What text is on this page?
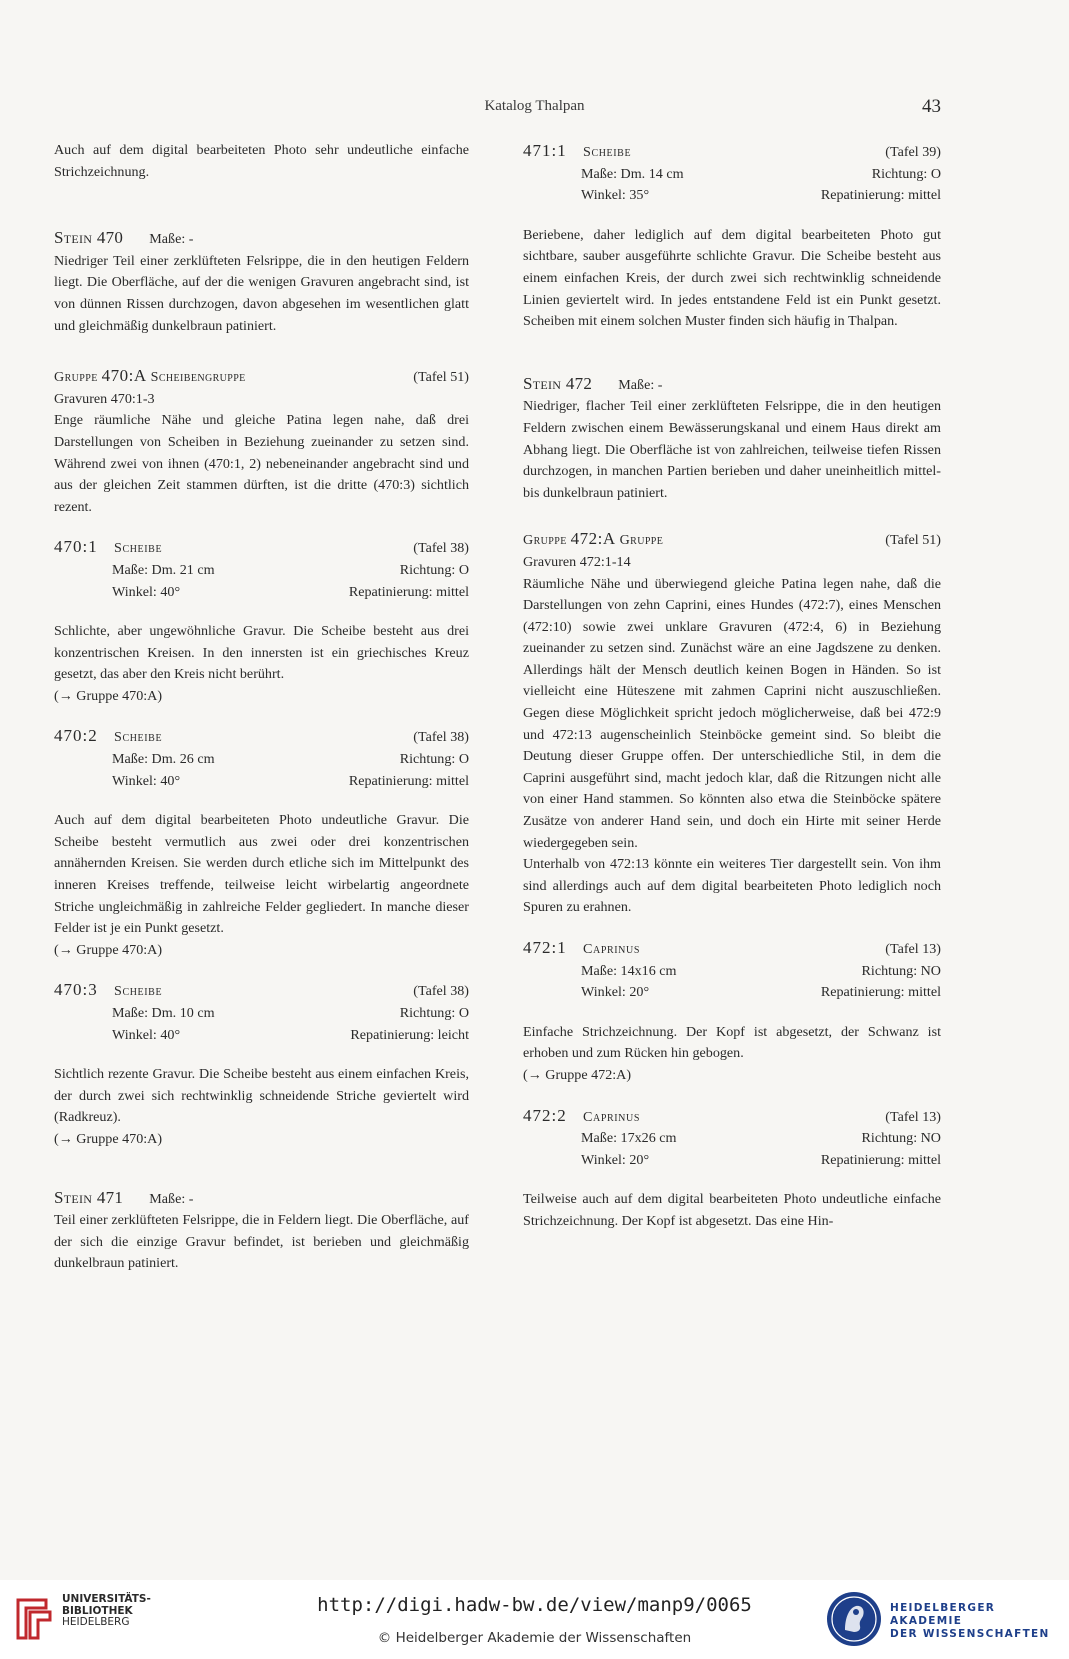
Katalog Thalpan	43

Auch auf dem digital bearbeiteten Photo sehr undeutliche einfache Strichzeichnung.

Stein 470 Maße: -

Niedriger Teil einer zerklüfteten Felsrippe, die in den heutigen Feldern liegt. Die Oberfläche, auf der die wenigen Gravuren angebracht sind, ist von dünnen Rissen durchzogen, davon abgesehen im wesentlichen glatt und gleichmäßig dunkelbraun patiniert.

Gruppe 470:A Scheibengruppe	(Tafel 51)

Gravuren 470:1-3

Enge räumliche Nähe und gleiche Patina legen nahe, daß drei Darstellungen von Scheiben in Beziehung zueinander zu setzen sind. Während zwei von ihnen (470:1, 2) nebeneinander angebracht sind und aus der gleichen Zeit stammen dürften, ist die dritte (470:3) sichtlich rezent.

470:1	Scheibe	(Tafel 38)
Maße: Dm. 21 cm	Richtung: O
Winkel: 40°	Repatinierung: mittel

Schlichte, aber ungewöhnliche Gravur. Die Scheibe besteht aus drei konzentrischen Kreisen. In den innersten ist ein griechisches Kreuz gesetzt, das aber den Kreis nicht berührt.

(→ Gruppe 470:A)

470:2	Scheibe	(Tafel 38)
Maße: Dm. 26 cm	Richtung: O
Winkel: 40°	Repatinierung: mittel

Auch auf dem digital bearbeiteten Photo undeutliche Gravur. Die Scheibe besteht vermutlich aus zwei oder drei konzentrischen annähernden Kreisen. Sie werden durch etliche sich im Mittelpunkt des inneren Kreises treffende, teilweise leicht wirbelartig angeordnete Striche ungleichmäßig in zahlreiche Felder gegliedert. In manche dieser Felder ist je ein Punkt gesetzt.

(→ Gruppe 470:A)

470:3	Scheibe	(Tafel 38)
Maße: Dm. 10 cm	Richtung: O
Winkel: 40°	Repatinierung: leicht

Sichtlich rezente Gravur. Die Scheibe besteht aus einem einfachen Kreis, der durch zwei sich rechtwinklig schneidende Striche geviertelt wird (Radkreuz).

(→ Gruppe 470:A)

Stein 471 Maße: -

Teil einer zerklüfteten Felsrippe, die in Feldern liegt. Die Oberfläche, auf der sich die einzige Gravur befindet, ist berieben und gleichmäßig dunkelbraun patiniert.

471:1	Scheibe	(Tafel 39)
Maße: Dm. 14 cm	Richtung: O
Winkel: 35°	Repatinierung: mittel

Beriebene, daher lediglich auf dem digital bearbeiteten Photo gut sichtbare, sauber ausgeführte schlichte Gravur. Die Scheibe besteht aus einem einfachen Kreis, der durch zwei sich rechtwinklig schneidende Linien geviertelt wird. In jedes entstandene Feld ist ein Punkt gesetzt. Scheiben mit einem solchen Muster finden sich häufig in Thalpan.

Stein 472 Maße: -

Niedriger, flacher Teil einer zerklüfteten Felsrippe, die in den heutigen Feldern zwischen einem Bewässerungskanal und einem Haus direkt am Abhang liegt. Die Oberfläche ist von zahlreichen, teilweise tiefen Rissen durchzogen, in manchen Partien berieben und daher uneinheitlich mittel- bis dunkelbraun patiniert.

Gruppe 472:A Gruppe	(Tafel 51)

Gravuren 472:1-14

Räumliche Nähe und überwiegend gleiche Patina legen nahe, daß die Darstellungen von zehn Caprini, eines Hundes (472:7), eines Menschen (472:10) sowie zwei unklare Gravuren (472:4, 6) in Beziehung zueinander zu setzen sind. Zunächst wäre an eine Jagdszene zu denken. Allerdings hält der Mensch deutlich keinen Bogen in Händen. So ist vielleicht eine Hüteszene mit zahmen Caprini nicht auszuschließen. Gegen diese Möglichkeit spricht jedoch möglicherweise, daß bei 472:9 und 472:13 augenscheinlich Steinböcke gemeint sind. So bleibt die Deutung dieser Gruppe offen. Der unterschiedliche Stil, in dem die Caprini ausgeführt sind, macht jedoch klar, daß die Ritzungen nicht alle von einer Hand stammen. So könnten also etwa die Steinböcke spätere Zusätze von anderer Hand sein, und doch ein Hirte mit seiner Herde wiedergegeben sein.

Unterhalb von 472:13 könnte ein weiteres Tier dargestellt sein. Von ihm sind allerdings auch auf dem digital bearbeiteten Photo lediglich noch Spuren zu erahnen.

472:1	Caprinus	(Tafel 13)
Maße: 14x16 cm	Richtung: NO
Winkel: 20°	Repatinierung: mittel

Einfache Strichzeichnung. Der Kopf ist abgesetzt, der Schwanz ist erhoben und zum Rücken hin gebogen.

(→ Gruppe 472:A)

472:2	Caprinus	(Tafel 13)
Maße: 17x26 cm	Richtung: NO
Winkel: 20°	Repatinierung: mittel

Teilweise auch auf dem digital bearbeiteten Photo undeutliche einfache Strichzeichnung. Der Kopf ist abgesetzt. Das eine Hin-

UNIVERSITÄTS-
BIBLIOTHEK
HEIDELBERG
http://digi.hadw-bw.de/view/manp9/0065
© Heidelberger Akademie der Wissenschaften
HEIDELBERGER AKADEMIE
DER WISSENSCHAFTEN
